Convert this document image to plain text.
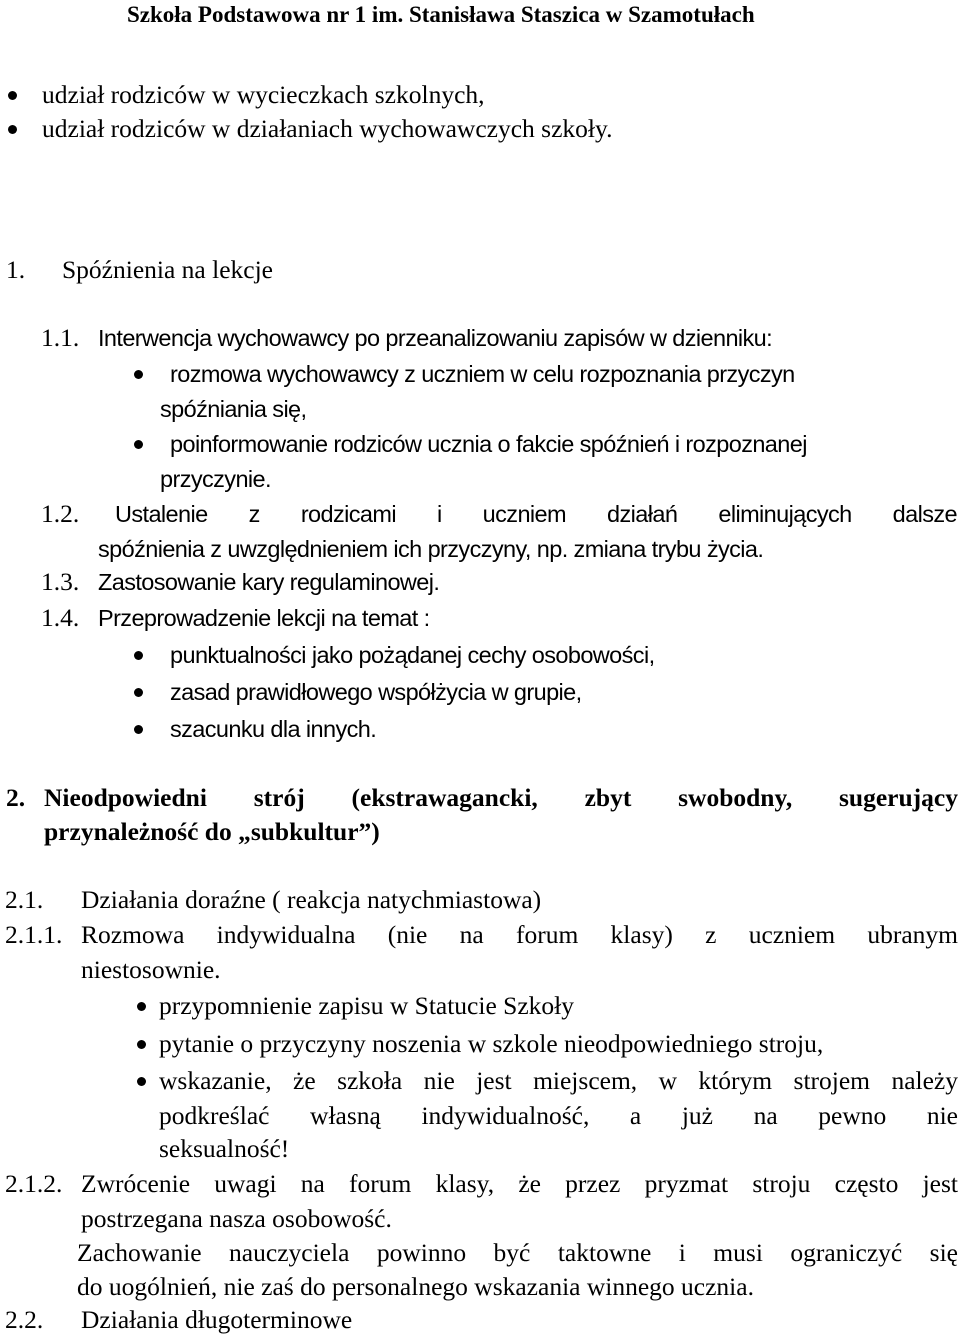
Szkoła Podstawowa nr 1 im. Stanisława Staszica w Szamotułach
udział rodziców w wycieczkach szkolnych,
udział rodziców w działaniach wychowawczych szkoły.
1. Spóźnienia na lekcje
1.1. Interwencja wychowawcy po przeanalizowaniu zapisów w dzienniku:
rozmowa wychowawcy z uczniem w celu rozpoznania przyczyn
spóźniania się,
poinformowanie rodziców ucznia o fakcie spóźnień i rozpoznanej
przyczynie.
1.2. Ustalenie z rodzicami i uczniem działań eliminujących dalsze
spóźnienia z uwzględnieniem ich przyczyny, np. zmiana trybu życia.
1.3. Zastosowanie kary regulaminowej.
1.4. Przeprowadzenie lekcji na temat :
punktualności jako pożądanej cechy osobowości,
zasad prawidłowego współżycia w grupie,
szacunku dla innych.
2. Nieodpowiedni strój (ekstrawagancki, zbyt swobodny, sugerujący
przynależność do „subkultur”)
2.1. Działania doraźne ( reakcja natychmiastowa)
2.1.1. Rozmowa indywidualna (nie na forum klasy) z uczniem ubranym
niestosownie.
przypomnienie zapisu w Statucie Szkoły
pytanie o przyczyny noszenia w szkole nieodpowiedniego stroju,
wskazanie, że szkoła nie jest miejscem, w którym strojem należy
podkreślać własną indywidualność, a już na pewno nie
seksualność!
2.1.2. Zwrócenie uwagi na forum klasy, że przez pryzmat stroju często jest
postrzegana nasza osobowość.
Zachowanie nauczyciela powinno być taktowne i musi ograniczyć się
do uogólnień, nie zaś do personalnego wskazania winnego ucznia.
2.2. Działania długoterminowe
